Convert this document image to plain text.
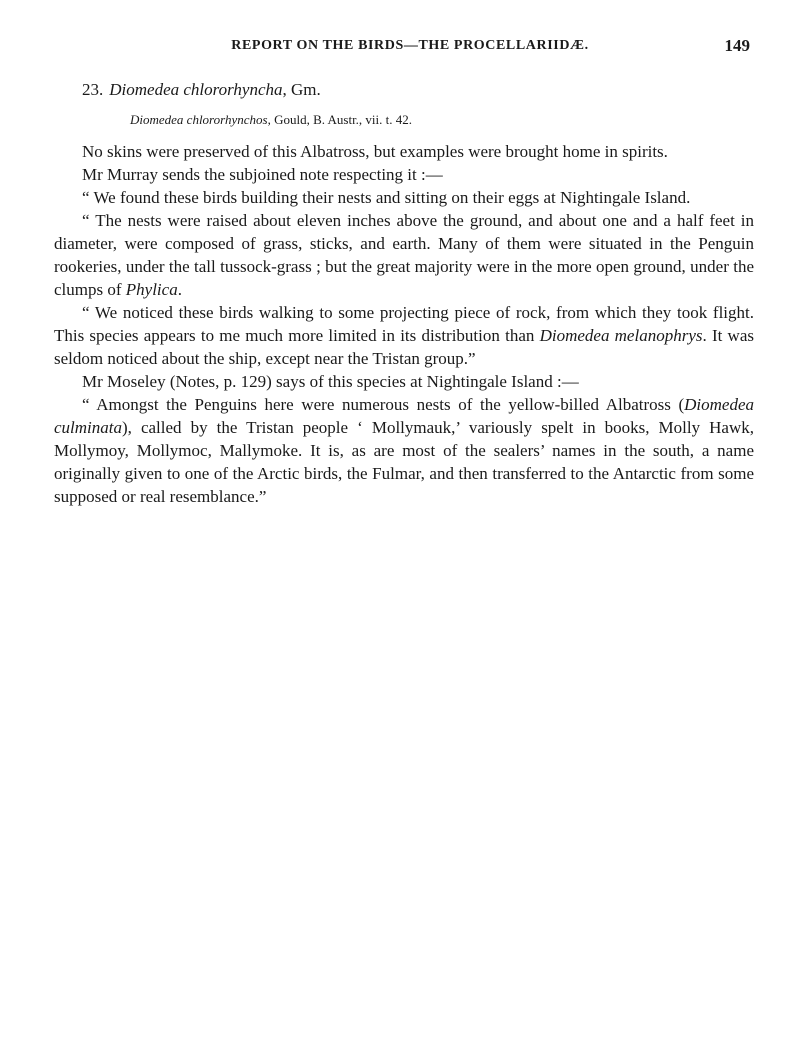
REPORT ON THE BIRDS—THE PROCELLARIIDÆ.	149
23. Diomedea chlororhyncha, Gm.
Diomedea chlororhynchos, Gould, B. Austr., vii. t. 42.

No skins were preserved of this Albatross, but examples were brought home in spirits.

Mr Murray sends the subjoined note respecting it :—

“ We found these birds building their nests and sitting on their eggs at Nightingale Island.

“ The nests were raised about eleven inches above the ground, and about one and a half feet in diameter, were composed of grass, sticks, and earth. Many of them were situated in the Penguin rookeries, under the tall tussock-grass ; but the great majority were in the more open ground, under the clumps of Phylica.

“ We noticed these birds walking to some projecting piece of rock, from which they took flight. This species appears to me much more limited in its distribution than Diomedea melanophrys. It was seldom noticed about the ship, except near the Tristan group.”

Mr Moseley (Notes, p. 129) says of this species at Nightingale Island :—

“ Amongst the Penguins here were numerous nests of the yellow-billed Albatross (Diomedea culminata), called by the Tristan people ‘ Mollymauk,’ variously spelt in books, Molly Hawk, Mollymoy, Mollymoc, Mallymoke. It is, as are most of the sealers’ names in the south, a name originally given to one of the Arctic birds, the Fulmar, and then transferred to the Antarctic from some supposed or real resemblance.”
